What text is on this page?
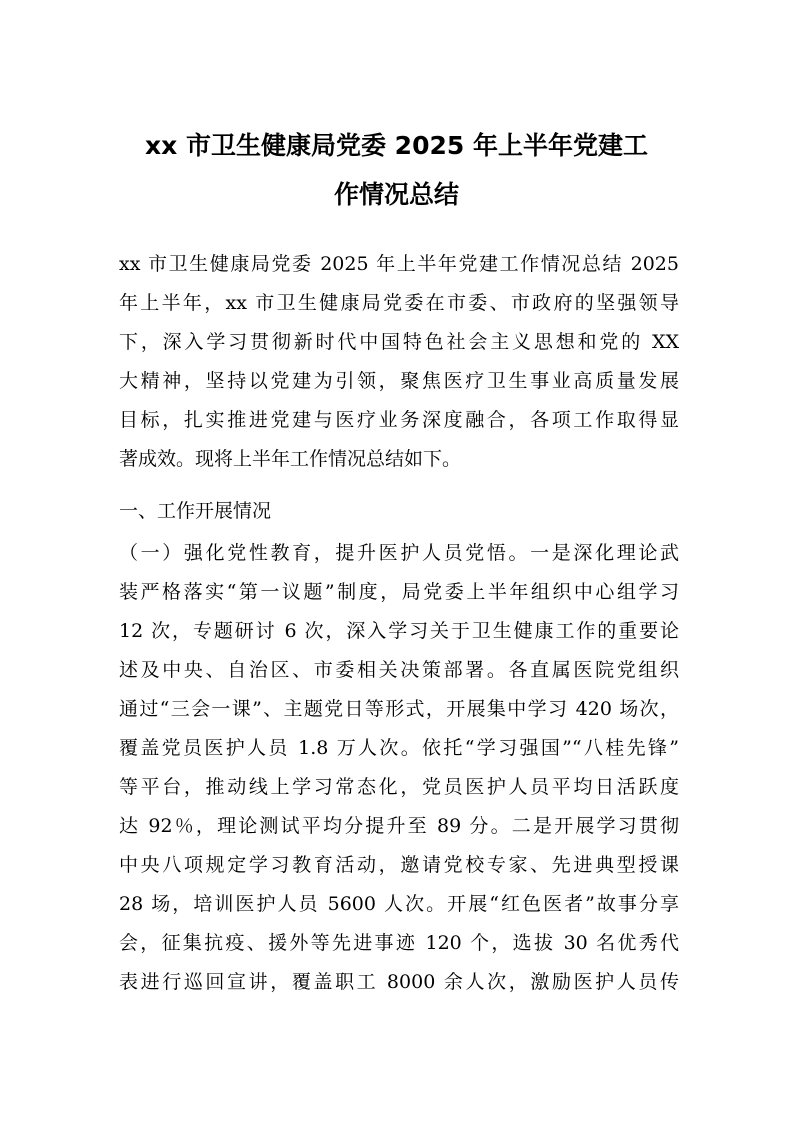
xx 市卫生健康局党委 2025 年上半年党建工
作情况总结
xx 市卫生健康局党委 2025 年上半年党建工作情况总结 2025
年上半年，xx 市卫生健康局党委在市委、市政府的坚强领导
下，深入学习贯彻新时代中国特色社会主义思想和党的 XX
大精神，坚持以党建为引领，聚焦医疗卫生事业高质量发展
目标，扎实推进党建与医疗业务深度融合，各项工作取得显
著成效。现将上半年工作情况总结如下。
一、工作开展情况
（一）强化党性教育，提升医护人员党悟。一是深化理论武
装严格落实“第一议题”制度，局党委上半年组织中心组学习
12 次，专题研讨 6 次，深入学习关于卫生健康工作的重要论
述及中央、自治区、市委相关决策部署。各直属医院党组织
通过“三会一课”、主题党日等形式，开展集中学习 420 场次，
覆盖党员医护人员 1.8 万人次。依托“学习强国”“八桂先锋”
等平台，推动线上学习常态化，党员医护人员平均日活跃度
达 92％，理论测试平均分提升至 89 分。二是开展学习贯彻
中央八项规定学习教育活动，邀请党校专家、先进典型授课
28 场，培训医护人员 5600 人次。开展“红色医者”故事分享
会，征集抗疫、援外等先进事迹 120 个，选拔 30 名优秀代
表进行巡回宣讲，覆盖职工 8000 余人次，激励医护人员传
